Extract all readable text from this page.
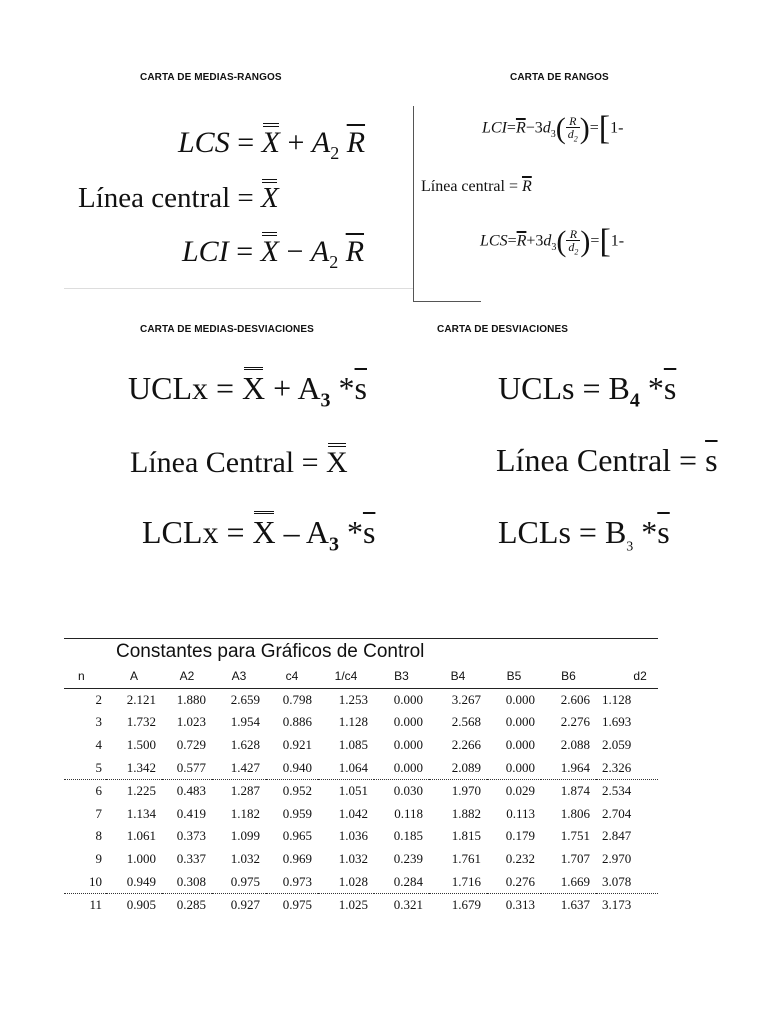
CARTA DE MEDIAS-RANGOS	CARTA DE RANGOS
CARTA DE MEDIAS-DESVIACIONES	CARTA DE DESVIACIONES
LCS = $X + A_2$ $\overline{R}$
Línea central = X
LCI = $X - A_2$ $\overline{R}$
$LCI=\overline{R}-3d_3( \frac{R}{d_2} )=[1-$
Línea central = $\overline{R}$
$LCS=\overline{R}+3d_3( \frac{R}{d_2} )=[1-$
UCLx = $X + A_3$ $*\overline{s}$
Línea Central = X
LCLx = X – $A_3$ $*\overline{s}$
UCLs = $B_4$ $*\overline{s}$
Línea Central = $\overline{s}$
LCLs = $B_3$ $*\overline{s}$
Constantes para Gráficos de Control										
n	A	A2	A3	c4	1/c4	B3	B4	B5	B6	d2
2	2.121	1.880	2.659	0.798	1.253	0.000	3.267	0.000	2.606	1.128
3	1.732	1.023	1.954	0.886	1.128	0.000	2.568	0.000	2.276	1.693
4	1.500	0.729	1.628	0.921	1.085	0.000	2.266	0.000	2.088	2.059
5	1.342	0.577	1.427	0.940	1.064	0.000	2.089	0.000	1.964	2.326
6	1.225	0.483	1.287	0.952	1.051	0.030	1.970	0.029	1.874	2.534
7	1.134	0.419	1.182	0.959	1.042	0.118	1.882	0.113	1.806	2.704
8	1.061	0.373	1.099	0.965	1.036	0.185	1.815	0.179	1.751	2.847
9	1.000	0.337	1.032	0.969	1.032	0.239	1.761	0.232	1.707	2.970
10	0.949	0.308	0.975	0.973	1.028	0.284	1.716	0.276	1.669	3.078
11	0.905	0.285	0.927	0.975	1.025	0.321	1.679	0.313	1.637	3.173
